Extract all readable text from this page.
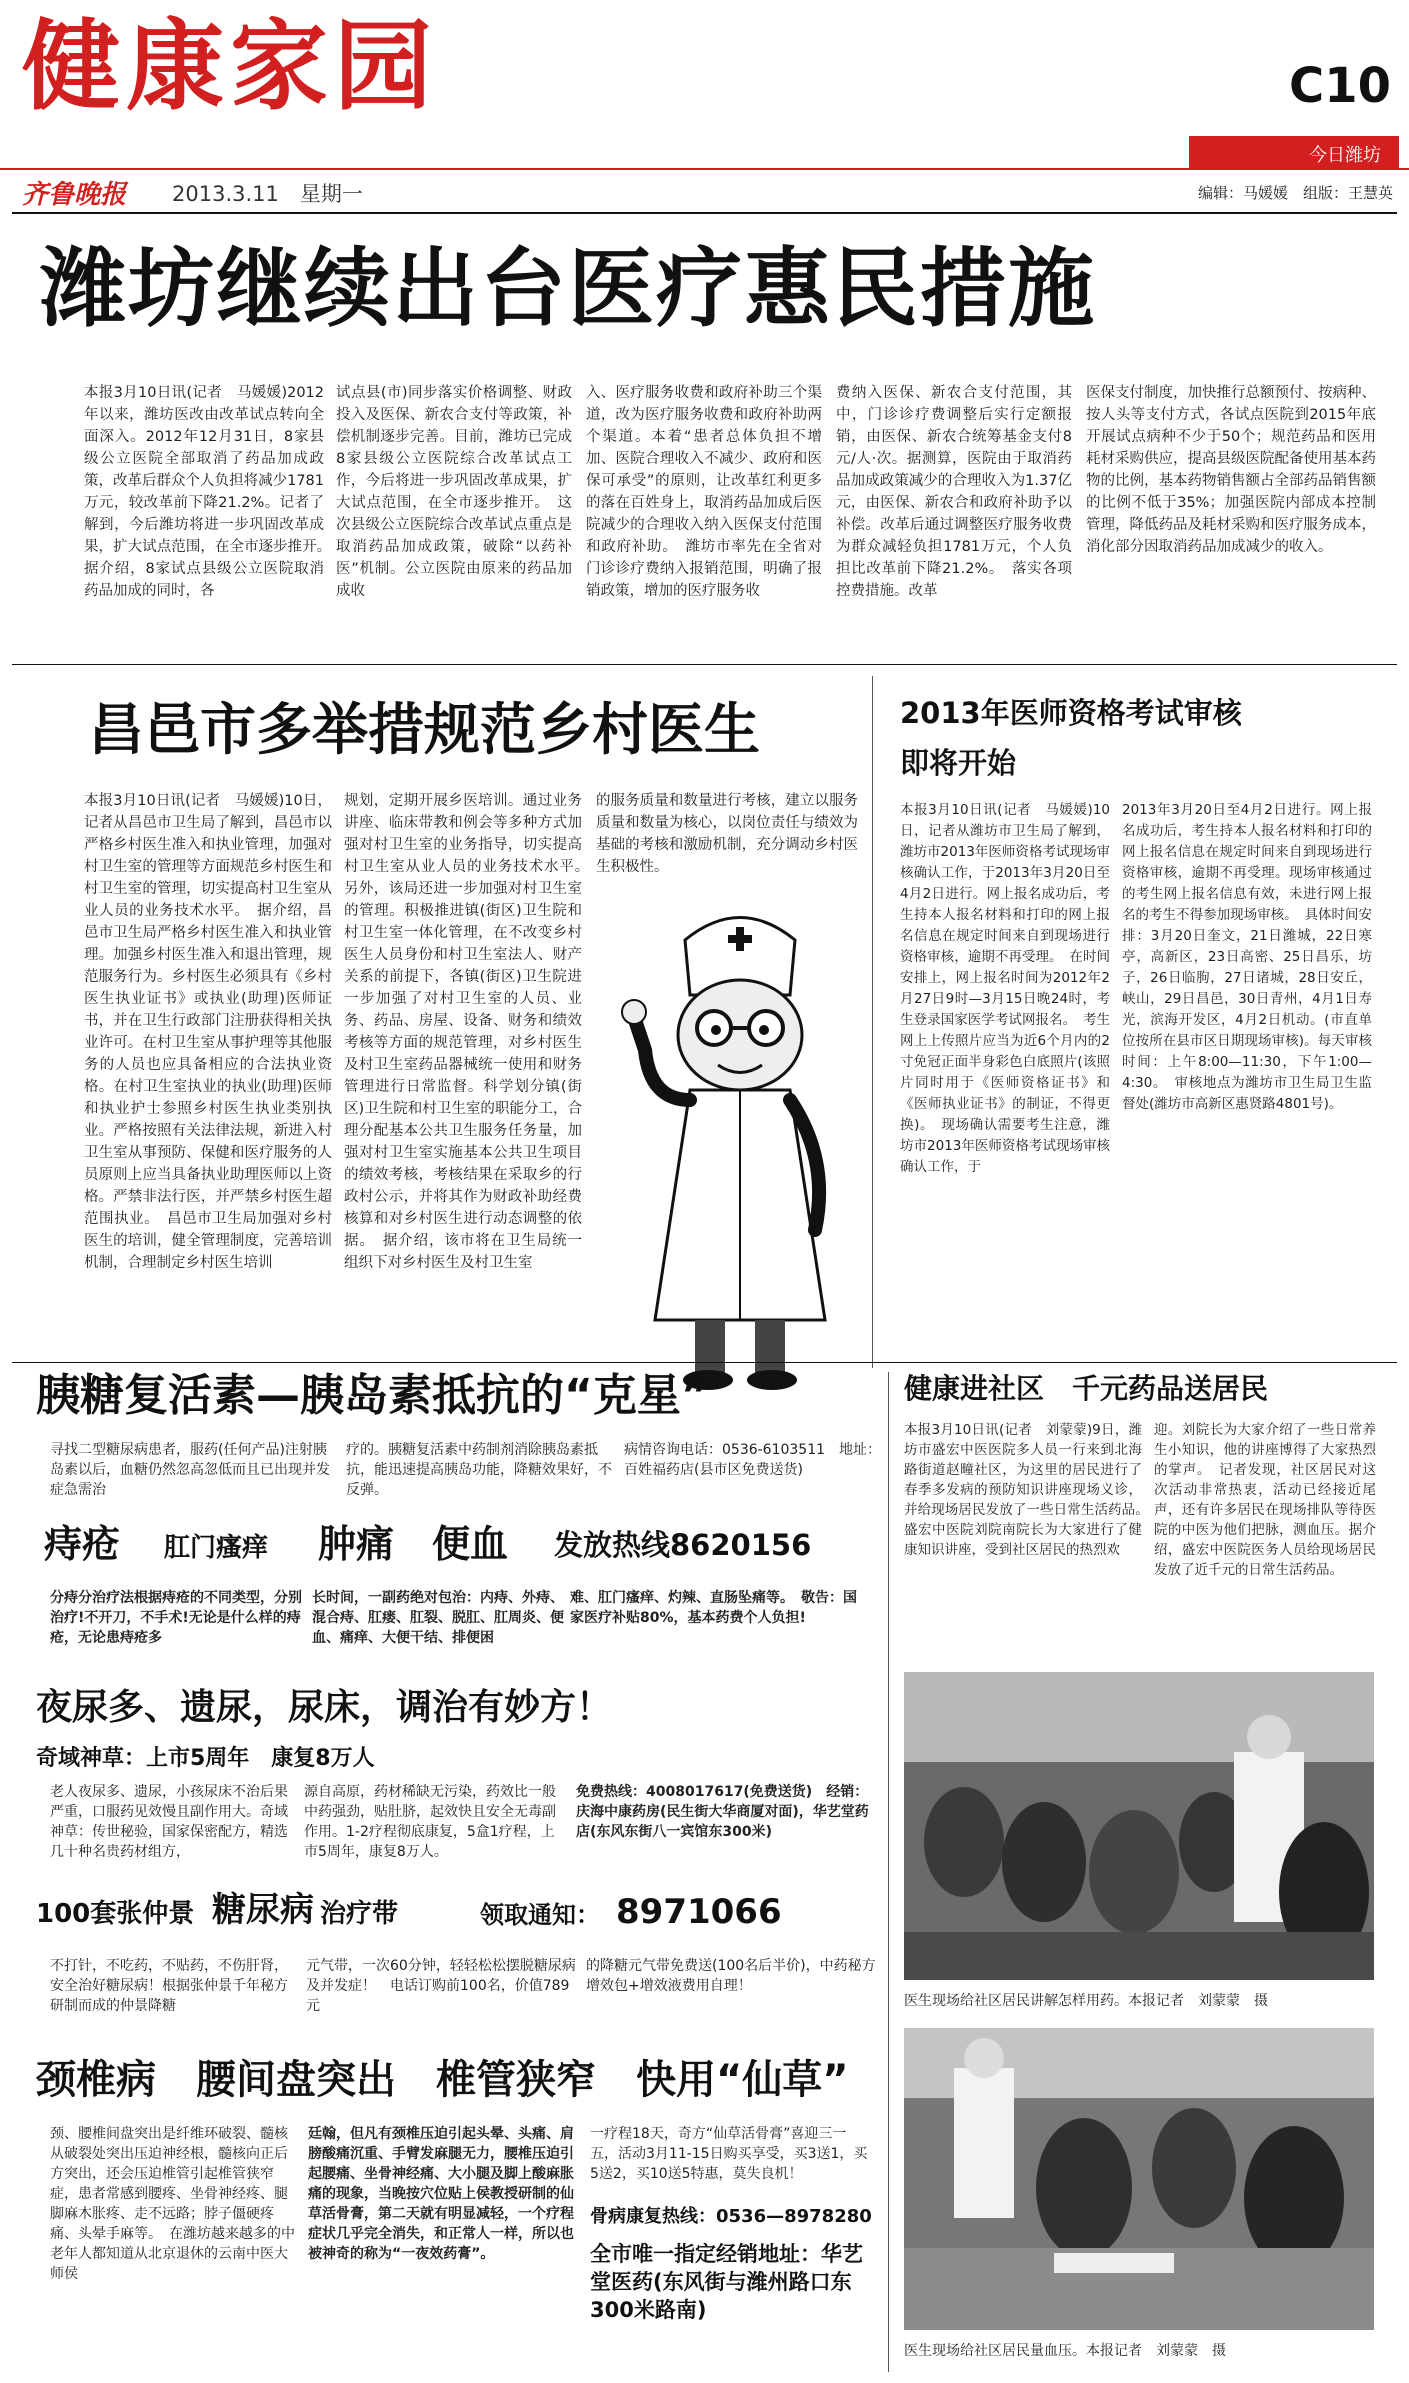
健康家园	C10
今日潍坊
齐鲁晚报 2013.3.11　星期一	编辑：马媛媛　组版：王慧英
潍坊继续出台医疗惠民措施
本报3月10日讯(记者　马媛媛)2012年以来，潍坊医改由改革试点转向全面深入。2012年12月31日，8家县级公立医院全部取消了药品加成政策，改革后群众个人负担将减少1781万元，较改革前下降21.2%。记者了解到，今后潍坊将进一步巩固改革成果，扩大试点范围，在全市逐步推开。　据介绍，8家试点县级公立医院取消药品加成的同时，各
试点县(市)同步落实价格调整、财政投入及医保、新农合支付等政策，补偿机制逐步完善。目前，潍坊已完成8家县级公立医院综合改革试点工作，今后将进一步巩固改革成果，扩大试点范围，在全市逐步推开。　这次县级公立医院综合改革试点重点是取消药品加成政策，破除“以药补医”机制。公立医院由原来的药品加成收
入、医疗服务收费和政府补助三个渠道，改为医疗服务收费和政府补助两个渠道。本着“患者总体负担不增加、医院合理收入不减少、政府和医保可承受”的原则，让改革红利更多的落在百姓身上，取消药品加成后医院减少的合理收入纳入医保支付范围和政府补助。　潍坊市率先在全省对门诊诊疗费纳入报销范围，明确了报销政策，增加的医疗服务收
费纳入医保、新农合支付范围，其中，门诊诊疗费调整后实行定额报销，由医保、新农合统筹基金支付8元/人·次。据测算，医院由于取消药品加成政策减少的合理收入为1.37亿元，由医保、新农合和政府补助予以补偿。改革后通过调整医疗服务收费为群众减轻负担1781万元，个人负担比改革前下降21.2%。　落实各项控费措施。改革
医保支付制度，加快推行总额预付、按病种、按人头等支付方式，各试点医院到2015年底开展试点病种不少于50个；规范药品和医用耗材采购供应，提高县级医院配备使用基本药物的比例，基本药物销售额占全部药品销售额的比例不低于35%；加强医院内部成本控制管理，降低药品及耗材采购和医疗服务成本，消化部分因取消药品加成减少的收入。
昌邑市多举措规范乡村医生
本报3月10日讯(记者　马媛媛)10日，记者从昌邑市卫生局了解到，昌邑市以严格乡村医生准入和执业管理，加强对村卫生室的管理等方面规范乡村医生和村卫生室的管理，切实提高村卫生室从业人员的业务技术水平。　据介绍，昌邑市卫生局严格乡村医生准入和执业管理。加强乡村医生准入和退出管理，规范服务行为。乡村医生必须具有《乡村医生执业证书》或执业(助理)医师证书，并在卫生行政部门注册获得相关执业许可。在村卫生室从事护理等其他服务的人员也应具备相应的合法执业资格。在村卫生室执业的执业(助理)医师和执业护士参照乡村医生执业类别执业。严格按照有关法律法规，新进入村卫生室从事预防、保健和医疗服务的人员原则上应当具备执业助理医师以上资格。严禁非法行医，并严禁乡村医生超范围执业。　昌邑市卫生局加强对乡村医生的培训，健全管理制度，完善培训机制，合理制定乡村医生培训
规划，定期开展乡医培训。通过业务讲座、临床带教和例会等多种方式加强对村卫生室的业务指导，切实提高村卫生室从业人员的业务技术水平。　另外，该局还进一步加强对村卫生室的管理。积极推进镇(街区)卫生院和村卫生室一体化管理，在不改变乡村医生人员身份和村卫生室法人、财产关系的前提下，各镇(街区)卫生院进一步加强了对村卫生室的人员、业务、药品、房屋、设备、财务和绩效考核等方面的规范管理，对乡村医生及村卫生室药品器械统一使用和财务管理进行日常监督。科学划分镇(街区)卫生院和村卫生室的职能分工，合理分配基本公共卫生服务任务量，加强对村卫生室实施基本公共卫生项目的绩效考核，考核结果在采取乡的行政村公示，并将其作为财政补助经费核算和对乡村医生进行动态调整的依据。　据介绍，该市将在卫生局统一组织下对乡村医生及村卫生室
的服务质量和数量进行考核，建立以服务质量和数量为核心，以岗位责任与绩效为基础的考核和激励机制，充分调动乡村医生积极性。
2013年医师资格考试审核
即将开始
本报3月10日讯(记者　马媛媛)10日，记者从潍坊市卫生局了解到，潍坊市2013年医师资格考试现场审核确认工作，于2013年3月20日至4月2日进行。网上报名成功后，考生持本人报名材料和打印的网上报名信息在规定时间来自到现场进行资格审核，逾期不再受理。　在时间安排上，网上报名时间为2012年2月27日9时—3月15日晚24时，考生登录国家医学考试网报名。　考生网上上传照片应当为近6个月内的2寸免冠正面半身彩色白底照片(该照片同时用于《医师资格证书》和《医师执业证书》的制证，不得更换)。　现场确认需要考生注意，潍坊市2013年医师资格考试现场审核确认工作，于
2013年3月20日至4月2日进行。网上报名成功后，考生持本人报名材料和打印的网上报名信息在规定时间来自到现场进行资格审核，逾期不再受理。现场审核通过的考生网上报名信息有效，未进行网上报名的考生不得参加现场审核。　具体时间安排：3月20日奎文，21日潍城，22日寒亭，高新区，23日高密、25日昌乐，坊子，26日临朐，27日诸城，28日安丘，峡山，29日昌邑，30日青州，4月1日寿光，滨海开发区，4月2日机动。(市直单位按所在县市区日期现场审核)。每天审核时间：上午8:00—11:30，下午1:00—4:30。　审核地点为潍坊市卫生局卫生监督处(潍坊市高新区惠贤路4801号)。
胰糖复活素—胰岛素抵抗的“克星”
寻找二型糖尿病患者，服药(任何产品)注射胰岛素以后，血糖仍然忽高忽低而且已出现并发症急需治
疗的。胰糖复活素中药制剂消除胰岛素抵抗，能迅速提高胰岛功能，降糖效果好，不反弹。
病情咨询电话：0536-6103511　地址：百姓福药店(县市区免费送货)
痔疮 肛门瘙痒 肿痛 便血 发放热线8620156
分痔分治疗法根据痔疮的不同类型，分别治疗!不开刀，不手术!无论是什么样的痔疮，无论患痔疮多
长时间，一副药绝对包治：内痔、外痔、混合痔、肛瘘、肛裂、脱肛、肛周炎、便血、痛痒、大便干结、排便困
难、肛门瘙痒、灼辣、直肠坠痛等。　敬告：国家医疗补贴80%，基本药费个人负担!
夜尿多、遗尿，尿床，调治有妙方！
奇域神草：上市5周年　康复8万人
老人夜尿多、遗尿，小孩尿床不治后果严重，口服药见效慢且副作用大。奇域神草：传世秘验，国家保密配方，精选几十种名贵药材组方，
源自高原，药材稀缺无污染，药效比一般中药强劲，贴肚脐，起效快且安全无毒副作用。1-2疗程彻底康复，5盒1疗程，上市5周年，康复8万人。
免费热线：4008017617(免费送货)　经销：庆海中康药房(民生街大华商厦对面)，华艺堂药店(东风东街八一宾馆东300米)
100套张仲景 糖尿病 治疗带	领取通知： 8971066
不打针，不吃药，不贴药，不伤肝肾，安全治好糖尿病！根据张仲景千年秘方研制而成的仲景降糖
元气带，一次60分钟，轻轻松松摆脱糖尿病及并发症！　电话订购前100名，价值789元
的降糖元气带免费送(100名后半价)，中药秘方增效包+增效液费用自理！
颈椎病　腰间盘突出　椎管狭窄　快用“仙草”
颈、腰椎间盘突出是纤维环破裂、髓核从破裂处突出压迫神经根，髓核向正后方突出，还会压迫椎管引起椎管狭窄症，患者常感到腰疼、坐骨神经疼、腿脚麻木胀疼、走不远路；脖子僵硬疼痛、头晕手麻等。　在潍坊越来越多的中老年人都知道从北京退休的云南中医大师侯
廷翰，但凡有颈椎压迫引起头晕、头痛、肩膀酸痛沉重、手臂发麻腿无力，腰椎压迫引起腰痛、坐骨神经痛、大小腿及脚上酸麻胀痛的现象，当晚按穴位贴上侯教授研制的仙草活骨膏，第二天就有明显减轻，一个疗程症状几乎完全消失，和正常人一样，所以也被神奇的称为“一夜效药膏”。
一疗程18天，奇方“仙草活骨膏”喜迎三一五，活动3月11-15日购买享受，买3送1，买5送2，买10送5特惠，莫失良机！
骨病康复热线：0536—8978280
全市唯一指定经销地址：华艺堂医药(东风街与潍州路口东300米路南)
健康进社区　千元药品送居民
本报3月10日讯(记者　刘蒙蒙)9日，潍坊市盛宏中医医院多人员一行来到北海路街道赵疃社区，为这里的居民进行了春季多发病的预防知识讲座现场义诊，并给现场居民发放了一些日常生活药品。　盛宏中医院刘院南院长为大家进行了健康知识讲座，受到社区居民的热烈欢
迎。刘院长为大家介绍了一些日常养生小知识，他的讲座博得了大家热烈的掌声。　记者发现，社区居民对这次活动非常热衷，活动已经接近尾声，还有许多居民在现场排队等待医院的中医为他们把脉，测血压。据介绍，盛宏中医院医务人员给现场居民发放了近千元的日常生活药品。
医生现场给社区居民讲解怎样用药。本报记者　刘蒙蒙　摄
医生现场给社区居民量血压。本报记者　刘蒙蒙　摄
